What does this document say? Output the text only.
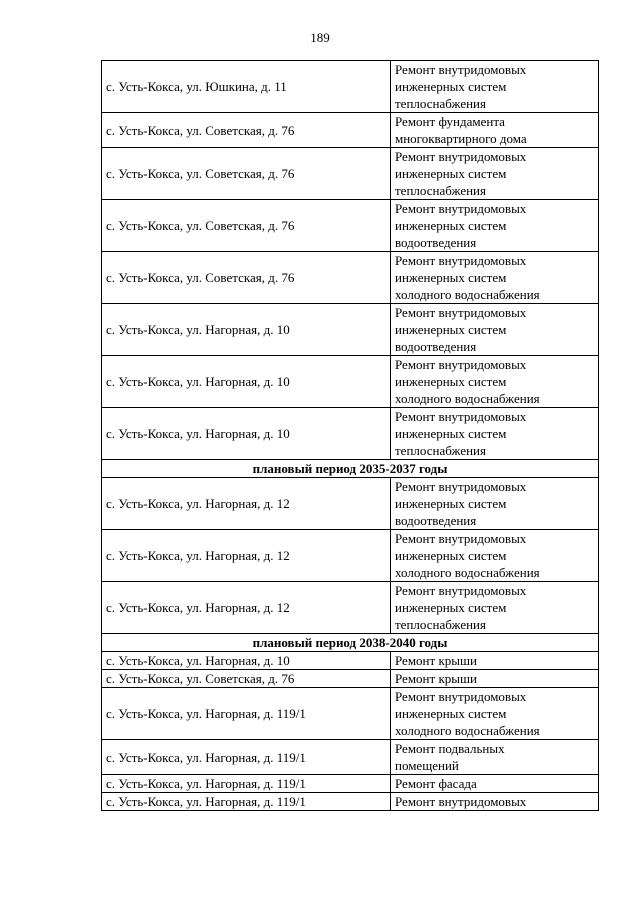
189
с. Усть-Кокса, ул. Юшкина, д. 11	Ремонт внутридомовых
инженерных систем
теплоснабжения

с. Усть-Кокса, ул. Советская, д. 76	Ремонт фундамента
многоквартирного дома

с. Усть-Кокса, ул. Советская, д. 76	Ремонт внутридомовых
инженерных систем
теплоснабжения

с. Усть-Кокса, ул. Советская, д. 76	Ремонт внутридомовых
инженерных систем
водоотведения

с. Усть-Кокса, ул. Советская, д. 76	Ремонт внутридомовых
инженерных систем
холодного водоснабжения

с. Усть-Кокса, ул. Нагорная, д. 10	Ремонт внутридомовых
инженерных систем
водоотведения

с. Усть-Кокса, ул. Нагорная, д. 10	Ремонт внутридомовых
инженерных систем
холодного водоснабжения

с. Усть-Кокса, ул. Нагорная, д. 10	Ремонт внутридомовых
инженерных систем
теплоснабжения

плановый период 2035-2037 годы	
с. Усть-Кокса, ул. Нагорная, д. 12	Ремонт внутридомовых
инженерных систем
водоотведения

с. Усть-Кокса, ул. Нагорная, д. 12	Ремонт внутридомовых
инженерных систем
холодного водоснабжения

с. Усть-Кокса, ул. Нагорная, д. 12	Ремонт внутридомовых
инженерных систем
теплоснабжения

плановый период 2038-2040 годы	
с. Усть-Кокса, ул. Нагорная, д. 10	Ремонт крыши

с. Усть-Кокса, ул. Советская, д. 76	Ремонт крыши

с. Усть-Кокса, ул. Нагорная, д. 119/1	Ремонт внутридомовых
инженерных систем
холодного водоснабжения

с. Усть-Кокса, ул. Нагорная, д. 119/1	Ремонт подвальных
помещений

с. Усть-Кокса, ул. Нагорная, д. 119/1	Ремонт фасада

с. Усть-Кокса, ул. Нагорная, д. 119/1	Ремонт внутридомовых
